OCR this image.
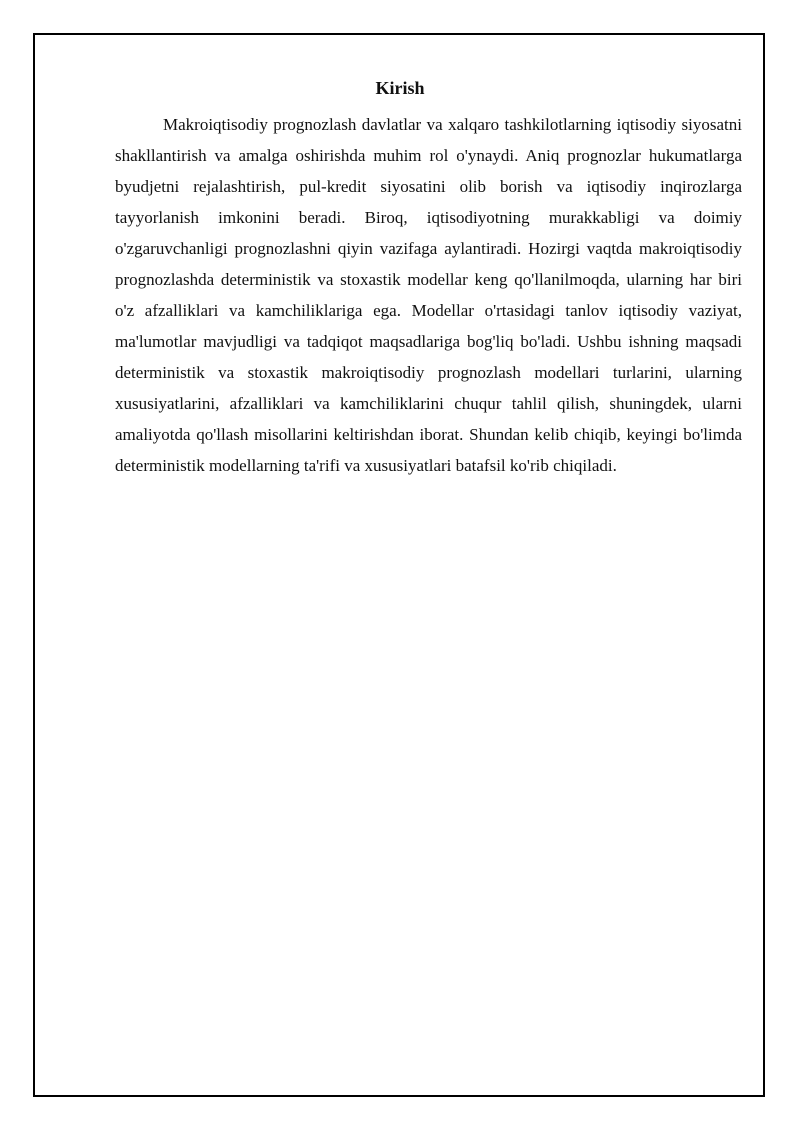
Kirish

Makroiqtisodiy prognozlash davlatlar va xalqaro tashkilotlarning iqtisodiy siyosatni shakllantirish va amalga oshirishda muhim rol o'ynaydi. Aniq prognozlar hukumatlarga byudjetni rejalashtirish, pul-kredit siyosatini olib borish va iqtisodiy inqirozlarga tayyorlanish imkonini beradi. Biroq, iqtisodiyotning murakkabligi va doimiy o'zgaruvchanligi prognozlashni qiyin vazifaga aylantiradi. Hozirgi vaqtda makroiqtisodiy prognozlashda deterministik va stoxastik modellar keng qo'llanilmoqda, ularning har biri o'z afzalliklari va kamchiliklariga ega. Modellar o'rtasidagi tanlov iqtisodiy vaziyat, ma'lumotlar mavjudligi va tadqiqot maqsadlariga bog'liq bo'ladi. Ushbu ishning maqsadi deterministik va stoxastik makroiqtisodiy prognozlash modellari turlarini, ularning xususiyatlarini, afzalliklari va kamchiliklarini chuqur tahlil qilish, shuningdek, ularni amaliyotda qo'llash misollarini keltirishdan iborat. Shundan kelib chiqib, keyingi bo'limda deterministik modellarning ta'rifi va xususiyatlari batafsil ko'rib chiqiladi.
